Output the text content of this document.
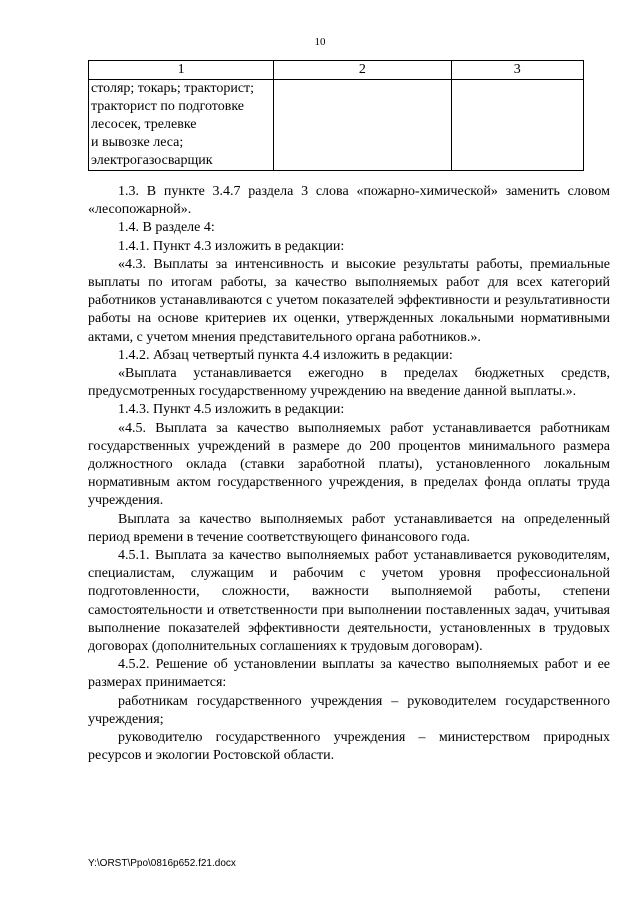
10
1	2	3
столяр; токарь; тракторист;
тракторист по подготовке
лесосек, трелевке
и вывозке леса;
электрогазосварщик		

1.3. В пункте 3.4.7 раздела 3 слова «пожарно-химической» заменить словом «лесопожарной».

1.4. В разделе 4:

1.4.1. Пункт 4.3 изложить в редакции:

«4.3. Выплаты за интенсивность и высокие результаты работы, премиальные выплаты по итогам работы, за качество выполняемых работ для всех категорий работников устанавливаются с учетом показателей эффективности и результативности работы на основе критериев их оценки, утвержденных локальными нормативными актами, с учетом мнения представительного органа работников.».

1.4.2. Абзац четвертый пункта 4.4 изложить в редакции:

«Выплата устанавливается ежегодно в пределах бюджетных средств, предусмотренных государственному учреждению на введение данной выплаты.».

1.4.3. Пункт 4.5 изложить в редакции:

«4.5. Выплата за качество выполняемых работ устанавливается работникам государственных учреждений в размере до 200 процентов минимального размера должностного оклада (ставки заработной платы), установленного локальным нормативным актом государственного учреждения, в пределах фонда оплаты труда учреждения.

Выплата за качество выполняемых работ устанавливается на определенный период времени в течение соответствующего финансового года.

4.5.1. Выплата за качество выполняемых работ устанавливается руководителям, специалистам, служащим и рабочим с учетом уровня профессиональной подготовленности, сложности, важности выполняемой работы, степени самостоятельности и ответственности при выполнении поставленных задач, учитывая выполнение показателей эффективности деятельности, установленных в трудовых договорах (дополнительных соглашениях к трудовым договорам).

4.5.2. Решение об установлении выплаты за качество выполняемых работ и ее размерах принимается:

работникам государственного учреждения – руководителем государственного учреждения;

руководителю государственного учреждения – министерством природных ресурсов и экологии Ростовской области.

Y:\ORST\Ppo\0816p652.f21.docx
